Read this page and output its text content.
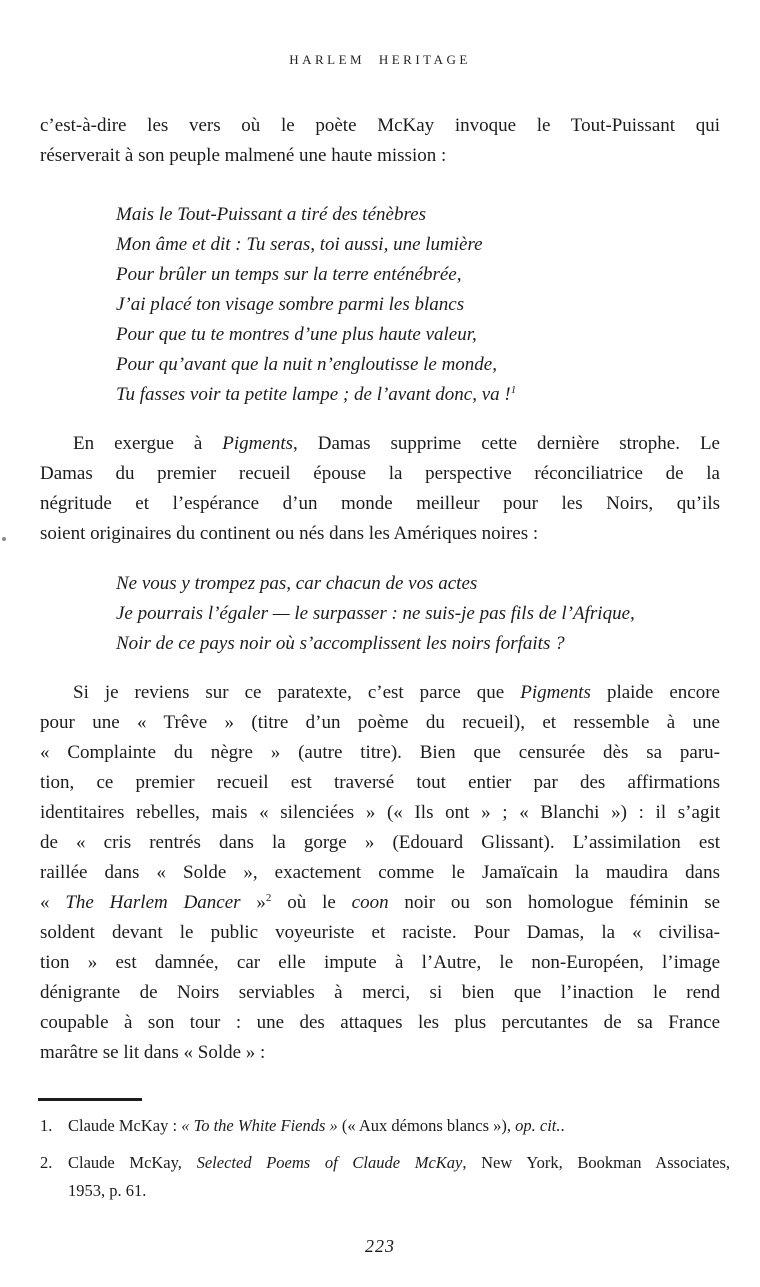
HARLEM HERITAGE
c’est-à-dire les vers où le poète McKay invoque le Tout-Puissant qui
réserverait à son peuple malmené une haute mission :
Mais le Tout-Puissant a tiré des ténèbres
Mon âme et dit : Tu seras, toi aussi, une lumière
Pour brûler un temps sur la terre enténébrée,
J’ai placé ton visage sombre parmi les blancs
Pour que tu te montres d’une plus haute valeur,
Pour qu’avant que la nuit n’engloutisse le monde,
Tu fasses voir ta petite lampe ; de l’avant donc, va !$^1$
En exergue à Pigments, Damas supprime cette dernière strophe. Le
Damas du premier recueil épouse la perspective réconciliatrice de la
négritude et l’espérance d’un monde meilleur pour les Noirs, qu’ils
soient originaires du continent ou nés dans les Amériques noires :
Ne vous y trompez pas, car chacun de vos actes
Je pourrais l’égaler — le surpasser : ne suis-je pas fils de l’Afrique,
Noir de ce pays noir où s’accomplissent les noirs forfaits ?
Si je reviens sur ce paratexte, c’est parce que Pigments plaide encore
pour une « Trêve » (titre d’un poème du recueil), et ressemble à une
« Complainte du nègre » (autre titre). Bien que censurée dès sa paru-
tion, ce premier recueil est traversé tout entier par des affirmations
identitaires rebelles, mais « silenciées » (« Ils ont » ; « Blanchi ») : il s’agit
de « cris rentrés dans la gorge » (Edouard Glissant). L’assimilation est
raillée dans « Solde », exactement comme le Jamaïcain la maudira dans
« The Harlem Dancer »$^2$ où le coon noir ou son homologue féminin se
soldent devant le public voyeuriste et raciste. Pour Damas, la « civilisa-
tion » est damnée, car elle impute à l’Autre, le non-Européen, l’image
dénigrante de Noirs serviables à merci, si bien que l’inaction le rend
coupable à son tour : une des attaques les plus percutantes de sa France
marâtre se lit dans « Solde » :
1. Claude McKay : « To the White Fiends » (« Aux démons blancs »), op. cit..
2. Claude McKay, Selected Poems of Claude McKay, New York, Bookman Associates,
1953, p. 61.
223
